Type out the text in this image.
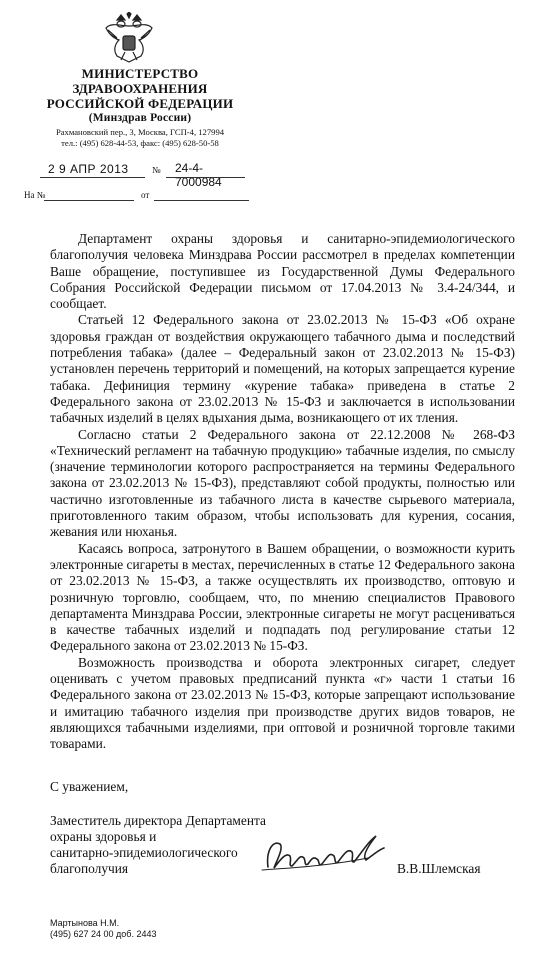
МИНИСТЕРСТВО
ЗДРАВООХРАНЕНИЯ
РОССИЙСКОЙ ФЕДЕРАЦИИ
(Минздрав России)
Рахмановский пер., 3, Москва, ГСП-4, 127994
тел.: (495) 628-44-53, факс: (495) 628-50-58
2 9 АПР 2013	№ 24-4-7000984
На №	от

Департамент охраны здоровья и санитарно-эпидемиологического благополучия человека Минздрава России рассмотрел в пределах компетенции Ваше обращение, поступившее из Государственной Думы Федерального Собрания Российской Федерации письмом от 17.04.2013 № 3.4-24/344, и сообщает.

Статьей 12 Федерального закона от 23.02.2013 № 15-ФЗ «Об охране здоровья граждан от воздействия окружающего табачного дыма и последствий потребления табака» (далее – Федеральный закон от 23.02.2013 № 15-ФЗ) установлен перечень территорий и помещений, на которых запрещается курение табака. Дефиниция термину «курение табака» приведена в статье 2 Федерального закона от 23.02.2013 № 15-ФЗ и заключается в использовании табачных изделий в целях вдыхания дыма, возникающего от их тления.

Согласно статьи 2 Федерального закона от 22.12.2008 № 268-ФЗ «Технический регламент на табачную продукцию» табачные изделия, по смыслу (значение терминологии которого распространяется на термины Федерального закона от 23.02.2013 № 15-ФЗ), представляют собой продукты, полностью или частично изготовленные из табачного листа в качестве сырьевого материала, приготовленного таким образом, чтобы использовать для курения, сосания, жевания или нюханья.

Касаясь вопроса, затронутого в Вашем обращении, о возможности курить электронные сигареты в местах, перечисленных в статье 12 Федерального закона от 23.02.2013 № 15-ФЗ, а также осуществлять их производство, оптовую и розничную торговлю, сообщаем, что, по мнению специалистов Правового департамента Минздрава России, электронные сигареты не могут расцениваться в качестве табачных изделий и подпадать под регулирование статьи 12 Федерального закона от 23.02.2013 № 15-ФЗ.

Возможность производства и оборота электронных сигарет, следует оценивать с учетом правовых предписаний пункта «г» части 1 статьи 16 Федерального закона от 23.02.2013 № 15-ФЗ, которые запрещают использование и имитацию табачного изделия при производстве других видов товаров, не являющихся табачными изделиями, при оптовой и розничной торговле такими товарами.

С уважением,
Заместитель директора Департамента
охраны здоровья и
санитарно-эпидемиологического
благополучия	В.В.Шлемская
Мартынова Н.М.
(495) 627 24 00 доб. 2443
